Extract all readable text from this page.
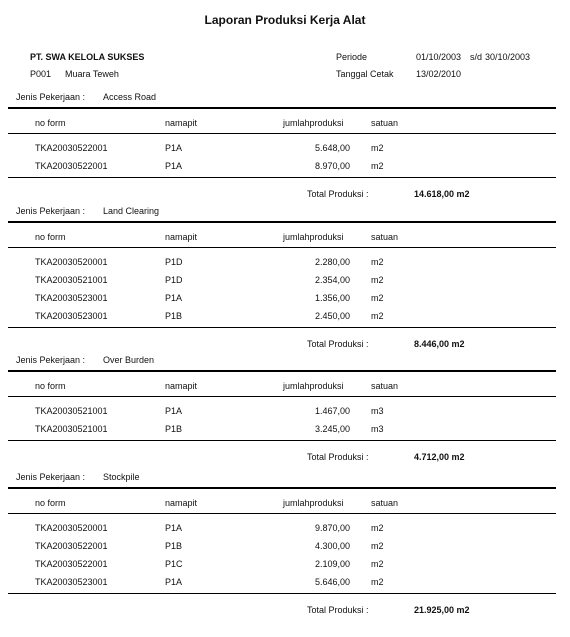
Laporan Produksi Kerja Alat
PT. SWA KELOLA SUKSES
P001 Muara Teweh
Periode	01/10/2003 s/d 30/10/2003
Tanggal Cetak 13/02/2010
Jenis Pekerjaan : Access Road
no form	namapit	jumlahproduksi	satuan
TKA20030522001	P1A	5.648,00 m2
TKA20030522001	P1A	8.970,00 m2
Total Produksi :	14.618,00 m2
Jenis Pekerjaan : Land Clearing
no form	namapit	jumlahproduksi	satuan
TKA20030520001	P1D	2.280,00 m2
TKA20030521001	P1D	2.354,00 m2
TKA20030523001	P1A	1.356,00 m2
TKA20030523001	P1B	2.450,00 m2
Total Produksi :	8.446,00 m2
Jenis Pekerjaan : Over Burden
no form	namapit	jumlahproduksi	satuan
TKA20030521001	P1A	1.467,00 m3
TKA20030521001	P1B	3.245,00 m3
Total Produksi :	4.712,00 m2
Jenis Pekerjaan : Stockpile
no form	namapit	jumlahproduksi	satuan
TKA20030520001	P1A	9.870,00 m2
TKA20030522001	P1B	4.300,00 m2
TKA20030522001	P1C	2.109,00 m2
TKA20030523001	P1A	5.646,00 m2
Total Produksi :	21.925,00 m2
